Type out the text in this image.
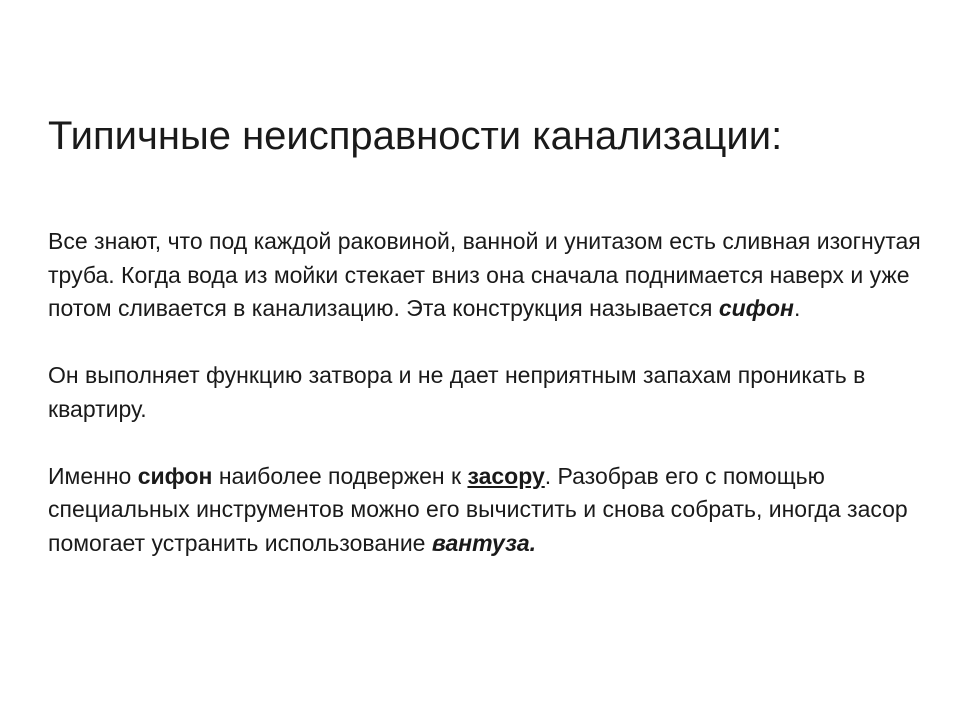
Типичные неисправности канализации:

Все знают, что под каждой раковиной, ванной и унитазом есть сливная изогнутая труба. Когда вода из мойки стекает вниз она сначала поднимается наверх и уже потом сливается в канализацию. Эта конструкция называется сифон.

Он выполняет функцию затвора и не дает неприятным запахам проникать в квартиру.

Именно сифон наиболее подвержен к засору. Разобрав его с помощью специальных инструментов можно его вычистить и снова собрать, иногда засор помогает устранить использование вантуза.
